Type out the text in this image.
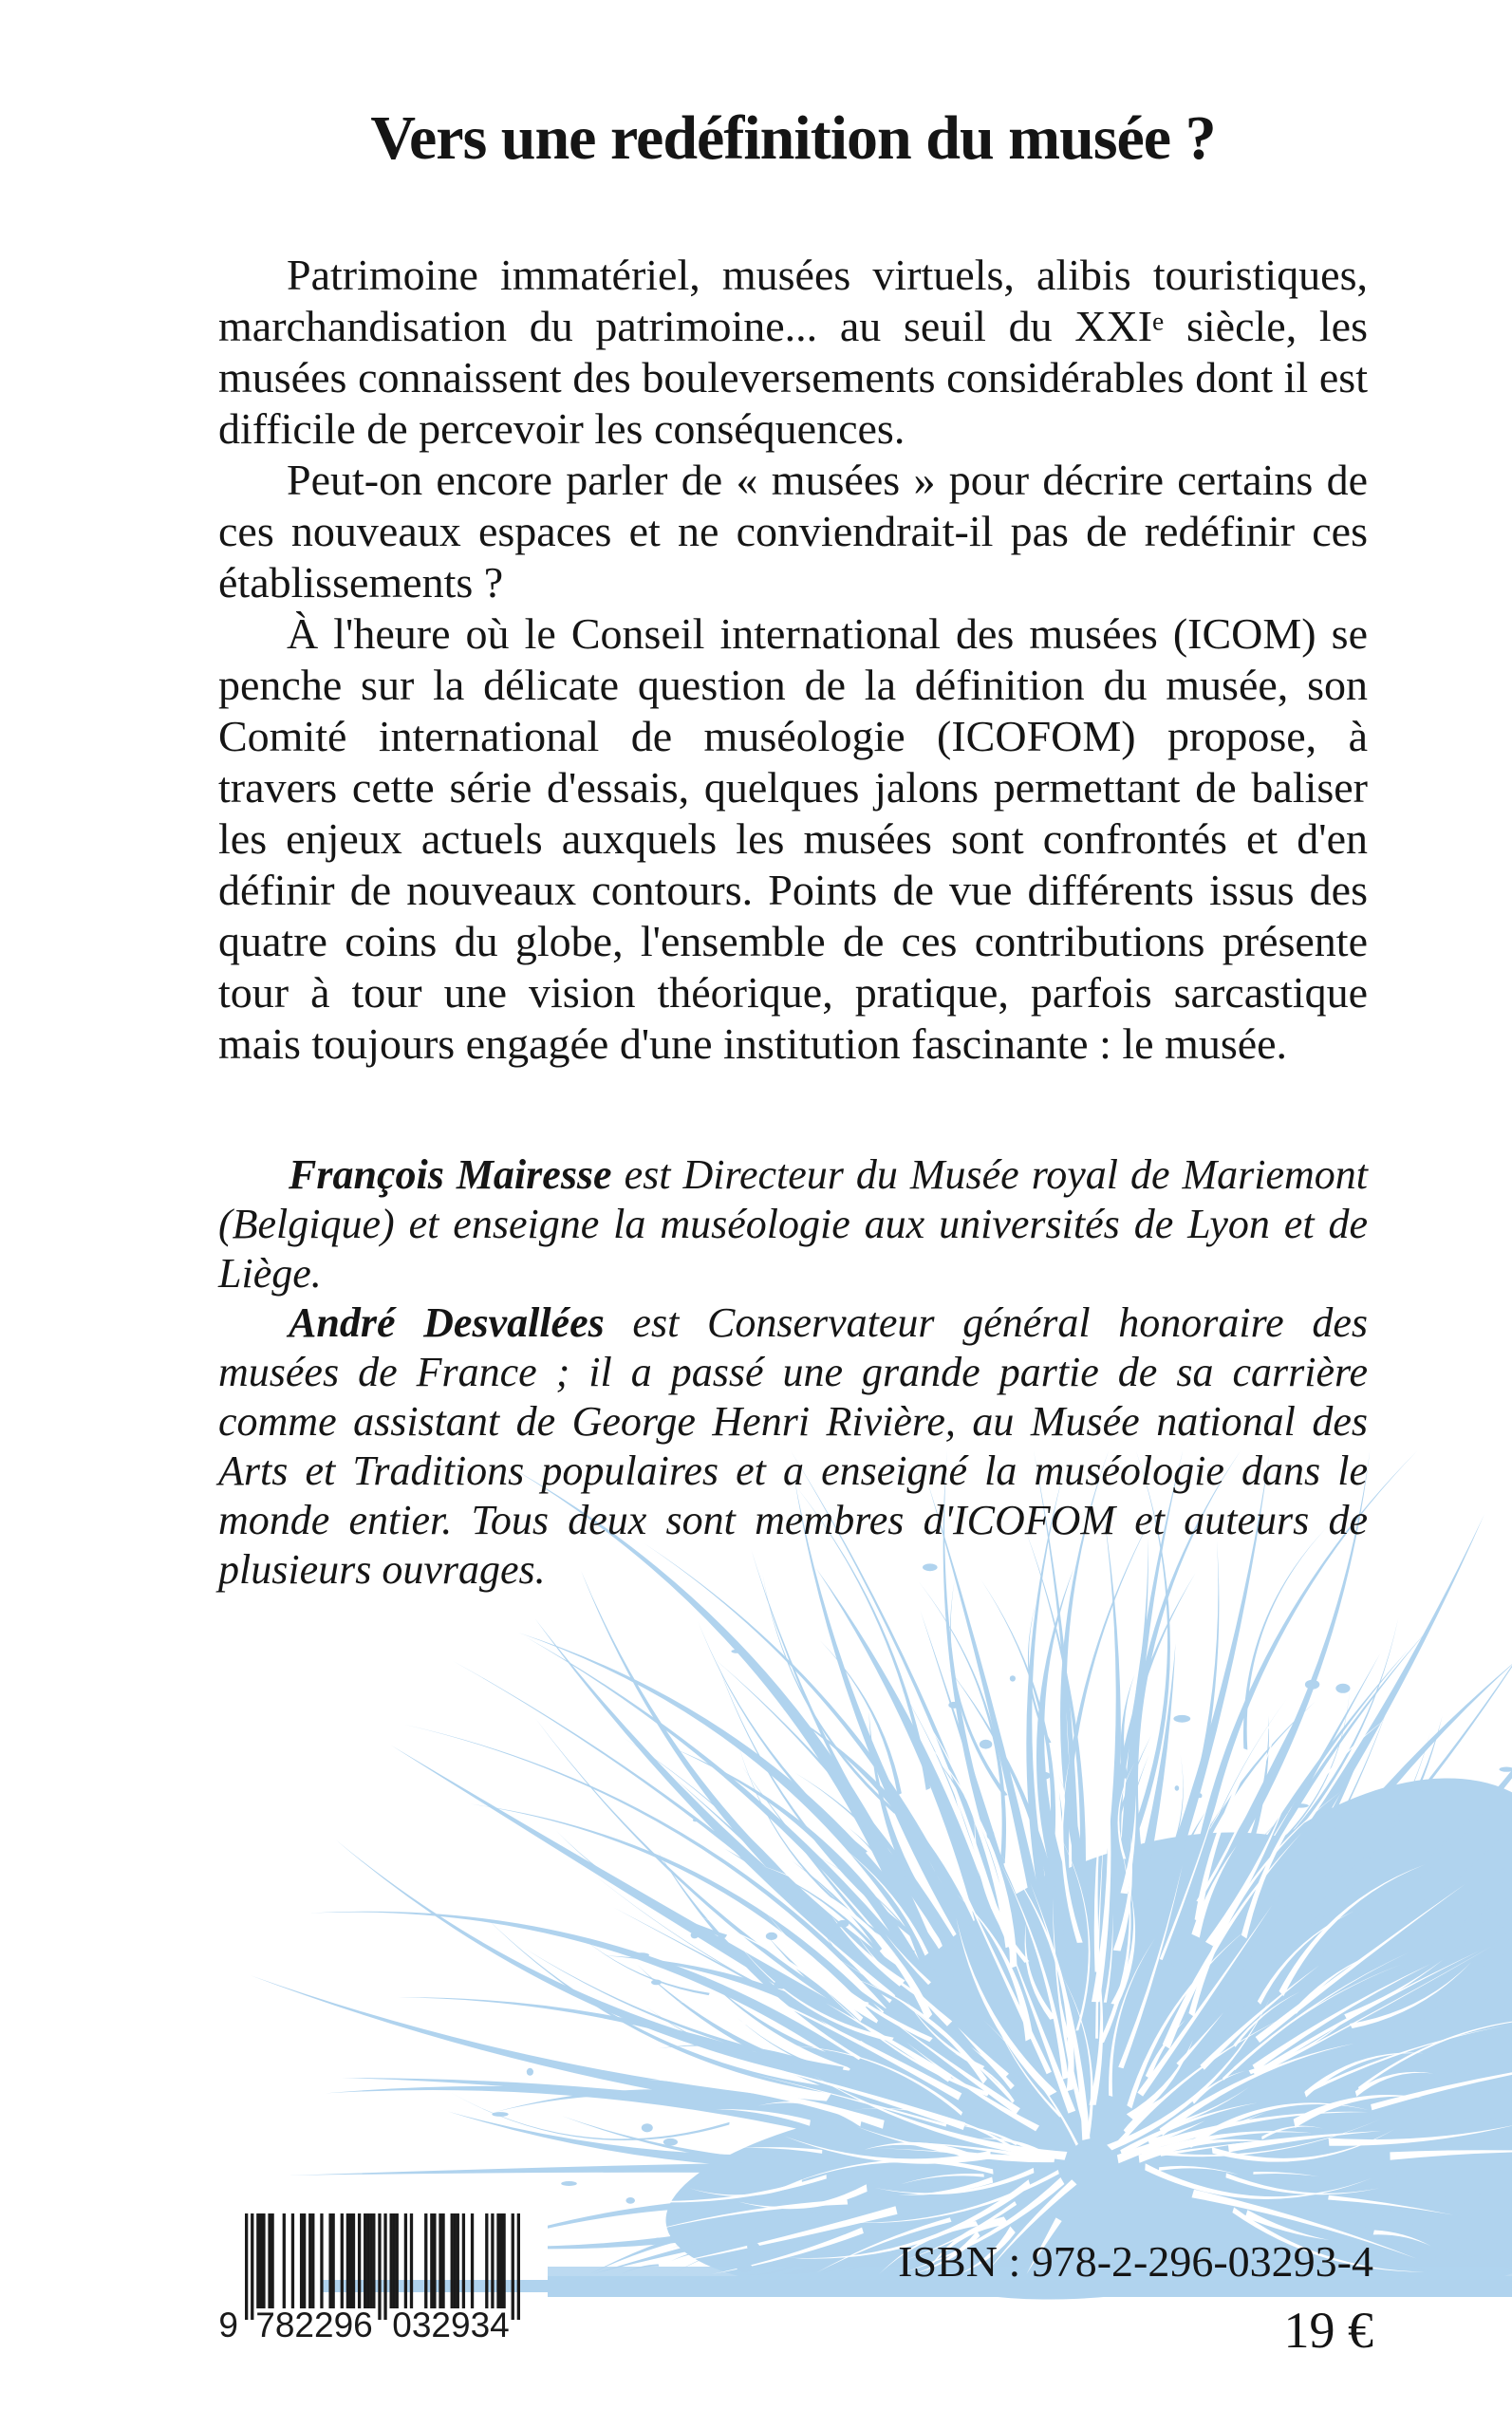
Vers une redéfinition du musée ?

Patrimoine immatériel, musées virtuels, alibis touristiques, marchandisation du patrimoine... au seuil du XXIe siècle, les musées connaissent des bouleversements considérables dont il est difficile de percevoir les conséquences.

Peut-on encore parler de « musées » pour décrire certains de ces nouveaux espaces et ne conviendrait-il pas de redéfinir ces établissements ?

À l'heure où le Conseil international des musées (ICOM) se penche sur la délicate question de la définition du musée, son Comité international de muséologie (ICOFOM) propose, à travers cette série d'essais, quelques jalons permettant de baliser les enjeux actuels auxquels les musées sont confrontés et d'en définir de nouveaux contours. Points de vue différents issus des quatre coins du globe, l'ensemble de ces contributions présente tour à tour une vision théorique, pratique, parfois sarcastique mais toujours engagée d'une institution fascinante : le musée.

François Mairesse est Directeur du Musée royal de Mariemont (Belgique) et enseigne la muséologie aux universités de Lyon et de Liège.

André Desvallées est Conservateur général honoraire des musées de France ; il a passé une grande partie de sa carrière comme assistant de George Henri Rivière, au Musée national des Arts et Traditions populaires et a enseigné la muséologie dans le monde entier. Tous deux sont membres d'ICOFOM et auteurs de plusieurs ouvrages.

9 782296 032934
ISBN : 978-2-296-03293-4
19 €
